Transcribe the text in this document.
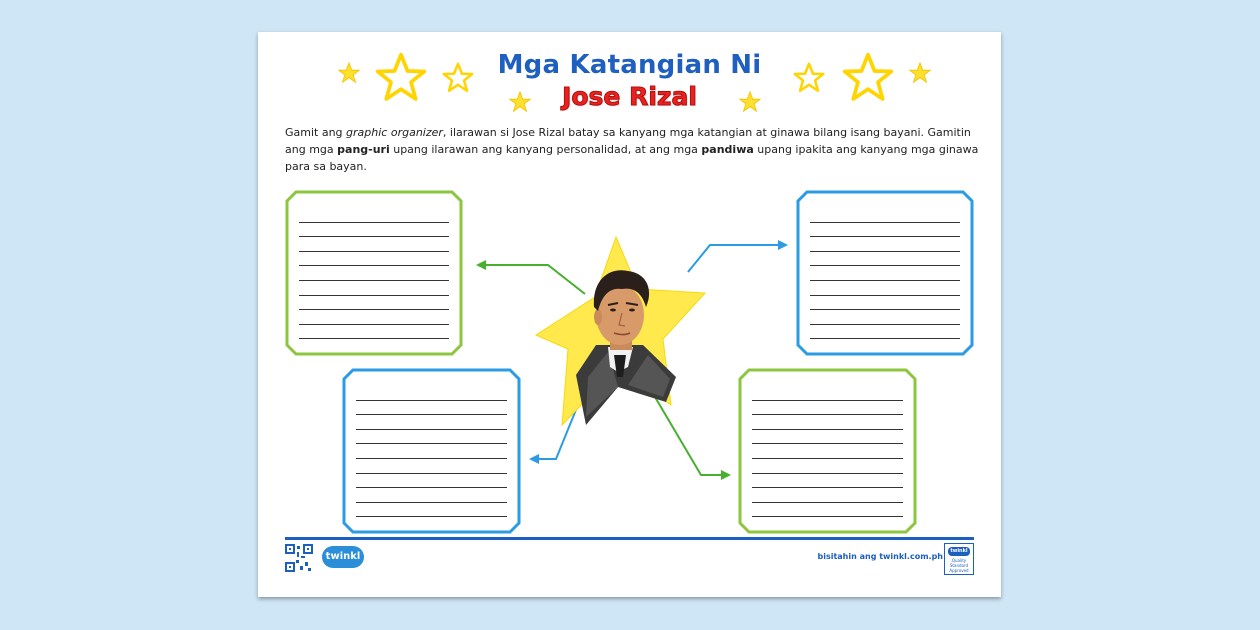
Mga Katangian Ni
Jose Rizal
Gamit ang graphic organizer, ilarawan si Jose Rizal batay sa kanyang mga katangian at ginawa bilang isang bayani. Gamitin ang mga pang-uri upang ilarawan ang kanyang personalidad, at ang mga pandiwa upang ipakita ang kanyang mga ginawa para sa bayan.
twinkl	bisitahin ang twinkl.com.ph
twinkl
Quality Standard Approved
